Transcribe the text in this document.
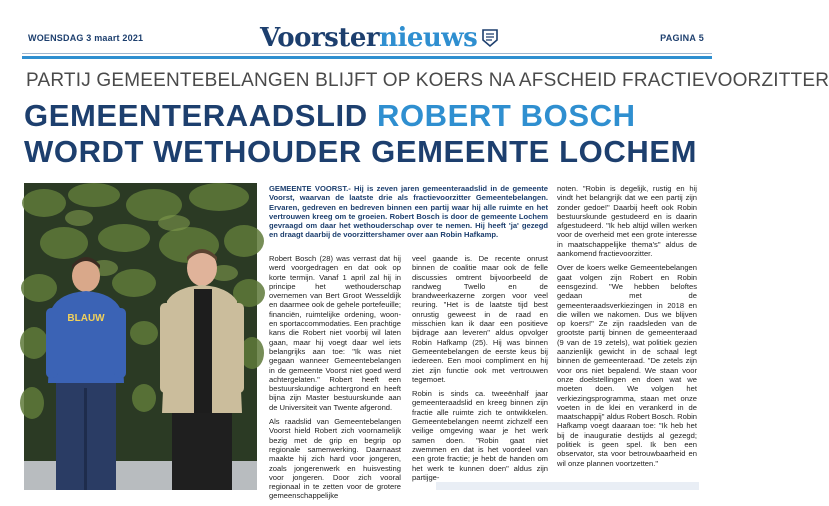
WOENSDAG 3 maart 2021	Voorster nieuws	PAGINA 5
PARTIJ GEMEENTEBELANGEN BLIJFT OP KOERS NA AFSCHEID FRACTIEVOORZITTER
GEMEENTERAADSLID ROBERT BOSCH
WORDT WETHOUDER GEMEENTE LOCHEM
BLAUW

GEMEENTE VOORST.- Hij is zeven jaren gemeenteraadslid in de gemeente Voorst, waarvan de laatste drie als fractievoorzitter Gemeentebelangen. Ervaren, gedreven en bedreven binnen een partij waar hij alle ruimte en het vertrouwen kreeg om te groeien. Robert Bosch is door de gemeente Lochem gevraagd om daar het wethouderschap over te nemen. Hij heeft 'ja' gezegd en draagt daarbij de voorzittershamer over aan Robin Hafkamp.

Robert Bosch (28) was verrast dat hij werd voorgedragen en dat ook op korte termijn. Vanaf 1 april zal hij in principe het wethouderschap overnemen van Bert Groot Wesseldijk en daarmee ook de gehele portefeuille; financiën, ruimtelijke ordening, woon- en sportaccommodaties. Een prachtige kans die Robert niet voorbij wil laten gaan, maar hij voegt daar wel iets belangrijks aan toe: "Ik was niet gegaan wanneer Gemeentebelangen in de gemeente Voorst niet goed werd achtergelaten." Robert heeft een bestuurskundige achtergrond en heeft bijna zijn Master bestuurskunde aan de Universiteit van Twente afgerond.

Als raadslid van Gemeentebelangen Voorst hield Robert zich voornamelijk bezig met de grip en begrip op regionale samenwerking. Daarnaast maakte hij zich hard voor jongeren, zoals jongerenwerk en huisvesting voor jongeren. Door zich vooral regionaal in te zetten voor de grotere gemeenschappelijke

veel gaande is. De recente onrust binnen de coalitie maar ook de felle discussies omtrent bijvoorbeeld de randweg Twello en de brandweerkazerne zorgen voor veel reuring. "Het is de laatste tijd best onrustig geweest in de raad en misschien kan ik daar een positieve bijdrage aan leveren" aldus opvolger Robin Hafkamp (25). Hij was binnen Gemeentebelangen de eerste keus bij iedereen. Een mooi compliment en hij ziet zijn functie ook met vertrouwen tegemoet.

Robin is sinds ca. tweeënhalf jaar gemeenteraadslid en kreeg binnen zijn fractie alle ruimte zich te ontwikkelen. Gemeentebelangen neemt zichzelf een veilige omgeving waar je het werk samen doen. "Robin gaat niet zwemmen en dat is het voordeel van een grote fractie; je hebt de handen om het werk te kunnen doen" aldus zijn partijge-

noten. "Robin is degelijk, rustig en hij vindt het belangrijk dat we een partij zijn zonder gedoe!" Daarbij heeft ook Robin bestuurskunde gestudeerd en is daarin afgestudeerd. "Ik heb altijd willen werken voor de overheid met een grote interesse in maatschappelijke thema's" aldus de aankomend fractievoorzitter.

Over de koers welke Gemeentebelangen gaat volgen zijn Robert en Robin eensgezind. "We hebben beloftes gedaan met de gemeenteraadsverkiezingen in 2018 en die willen we nakomen. Dus we blijven op koers!" Ze zijn raadsleden van de grootste partij binnen de gemeenteraad (9 van de 19 zetels), wat politiek gezien aanzienlijk gewicht in de schaal legt binnen de gemeenteraad. "De zetels zijn voor ons niet bepalend. We staan voor onze doelstellingen en doen wat we moeten doen. We volgen het verkiezingsprogramma, staan met onze voeten in de klei en verankerd in de maatschappij" aldus Robert Bosch. Robin Hafkamp voegt daaraan toe: "Ik heb het bij de inauguratie destijds al gezegd; politiek is geen spel. Ik ben een observator, sta voor betrouwbaarheid en wil onze plannen voortzetten."
